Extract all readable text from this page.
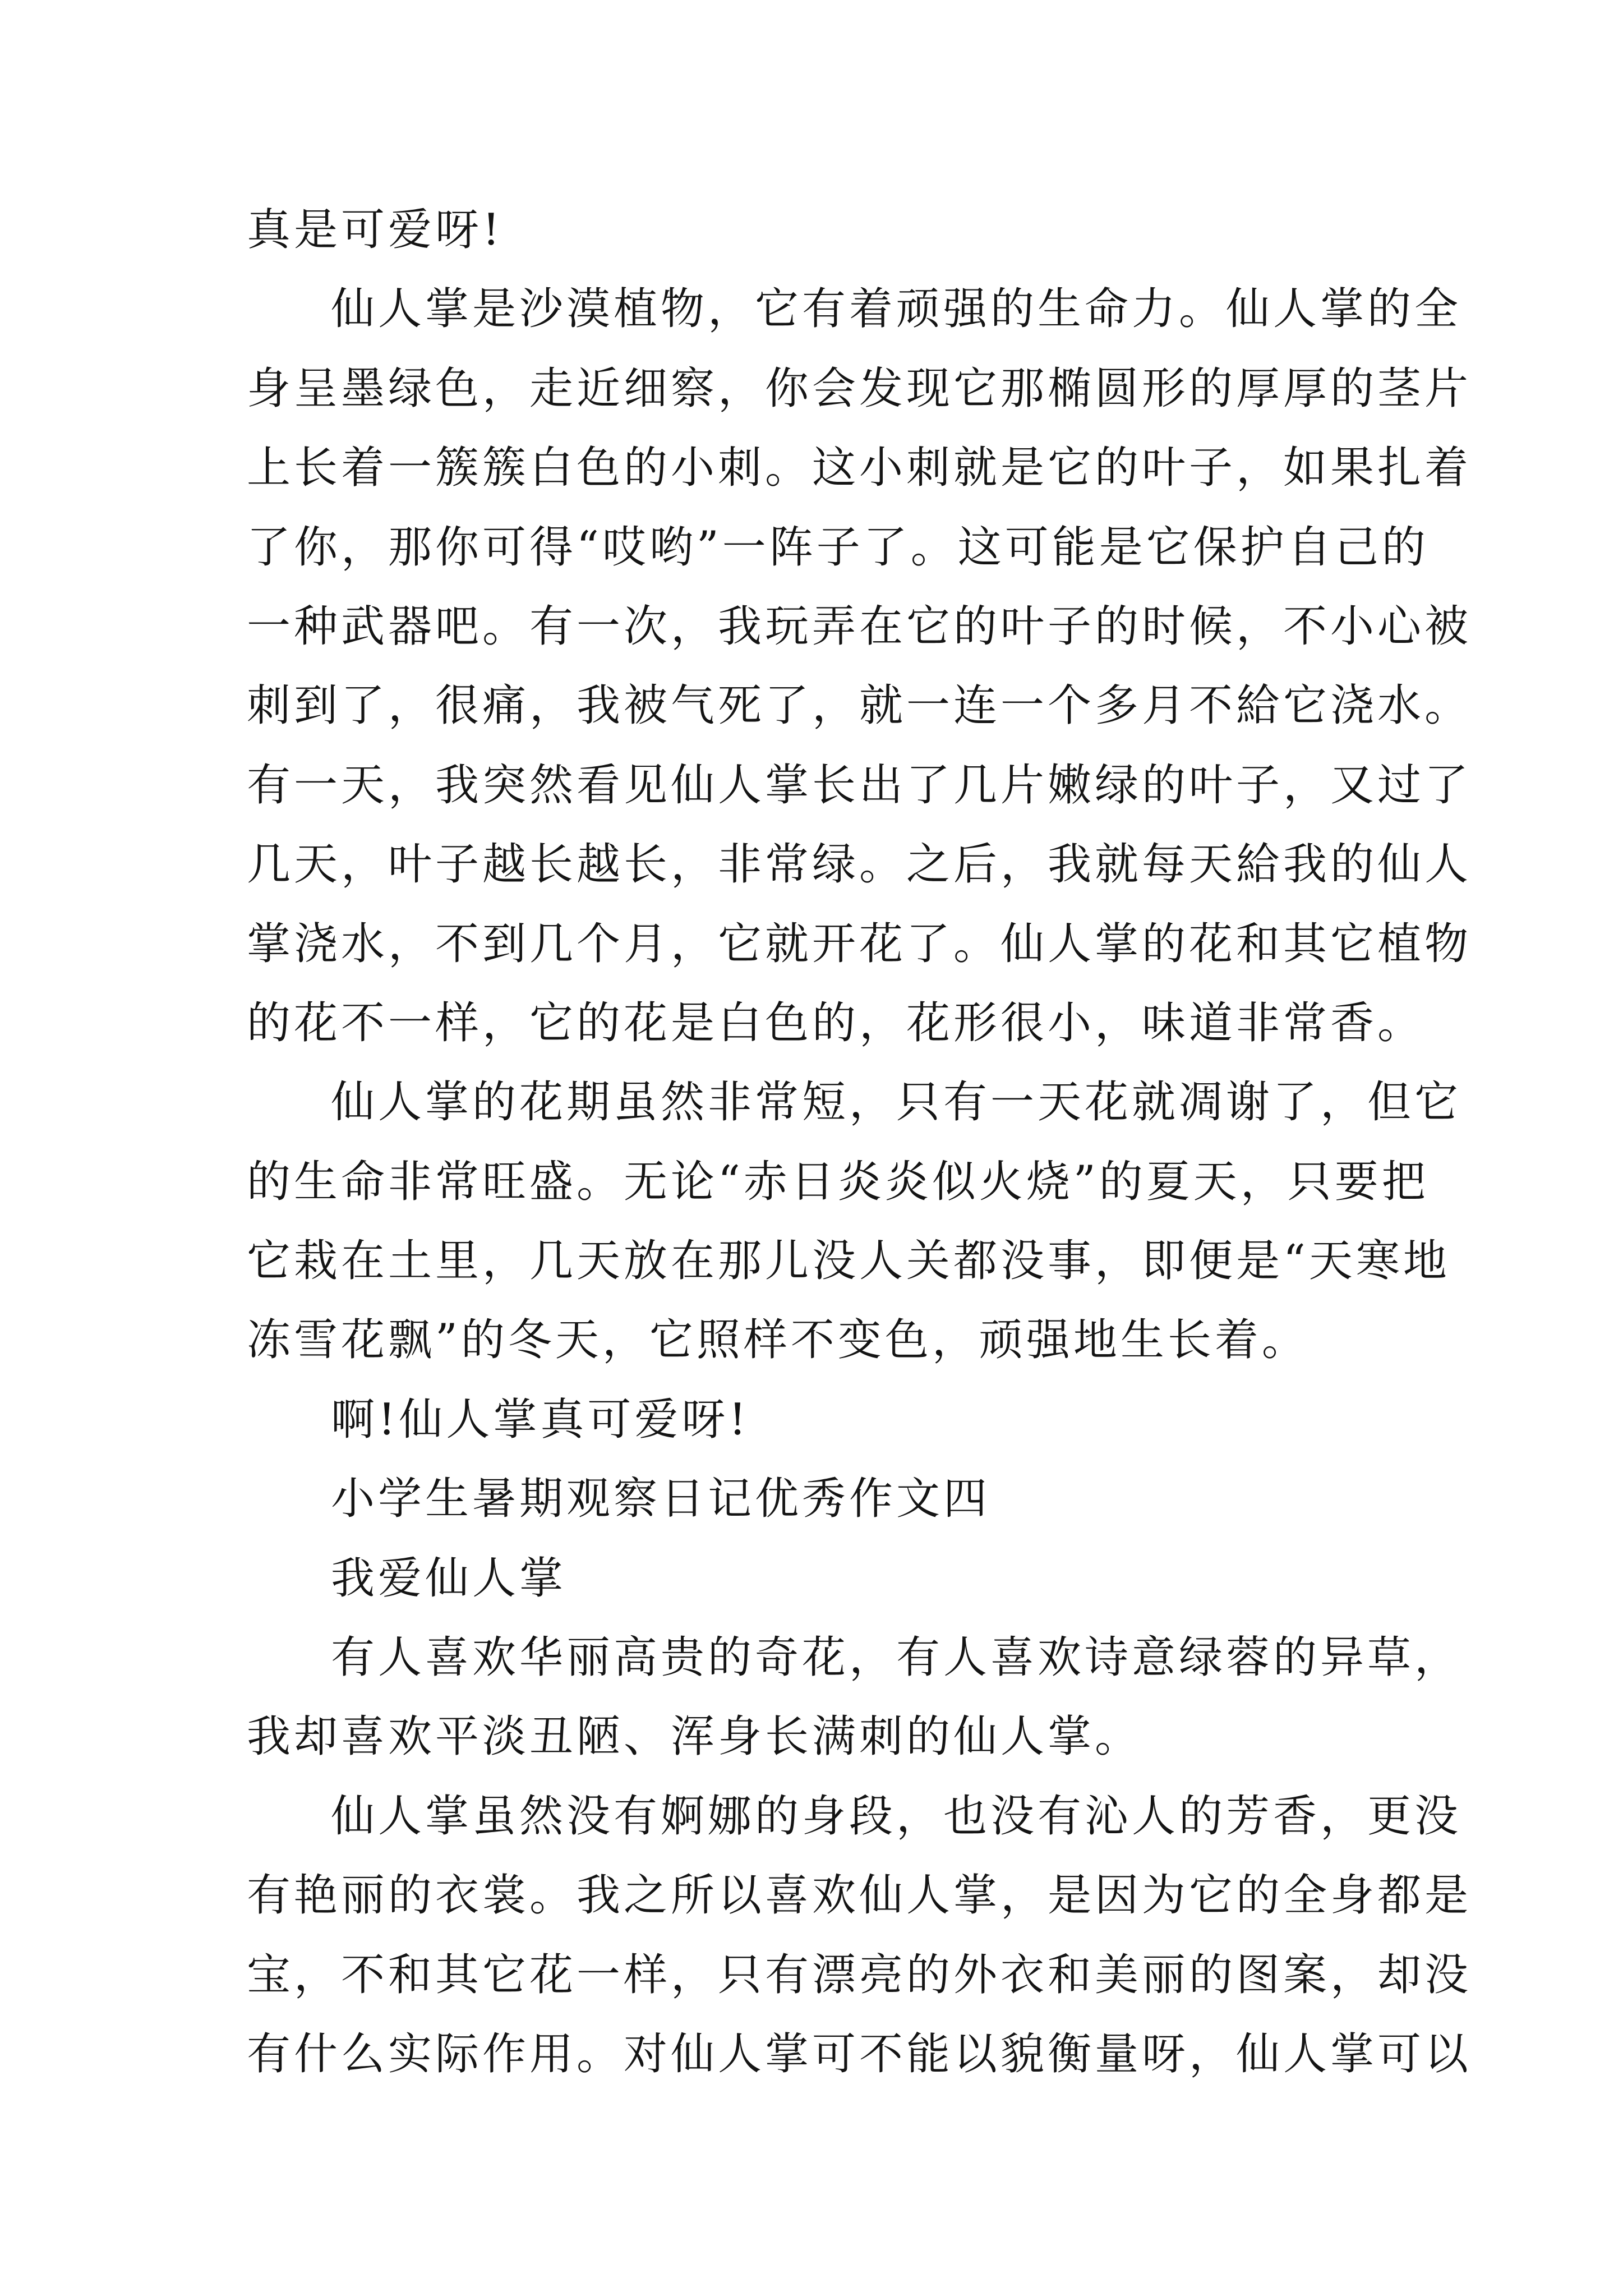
真是可爱呀!
仙人掌是沙漠植物，它有着顽强的生命力。仙人掌的全
身呈墨绿色，走近细察，你会发现它那椭圆形的厚厚的茎片
上长着一簇簇白色的小刺。这小刺就是它的叶子，如果扎着
了你，那你可得“哎哟”一阵子了。这可能是它保护自己的
一种武器吧。有一次，我玩弄在它的叶子的时候，不小心被
刺到了，很痛，我被气死了，就一连一个多月不給它浇水。
有一天，我突然看见仙人掌长出了几片嫩绿的叶子，又过了
几天，叶子越长越长，非常绿。之后，我就每天給我的仙人
掌浇水，不到几个月，它就开花了。仙人掌的花和其它植物
的花不一样，它的花是白色的，花形很小，味道非常香。
仙人掌的花期虽然非常短，只有一天花就凋谢了，但它
的生命非常旺盛。无论“赤日炎炎似火烧”的夏天，只要把
它栽在土里，几天放在那儿没人关都没事，即便是“天寒地
冻雪花飘”的冬天，它照样不变色，顽强地生长着。
啊!仙人掌真可爱呀!
小学生暑期观察日记优秀作文四
我爱仙人掌
有人喜欢华丽高贵的奇花，有人喜欢诗意绿蓉的异草，
我却喜欢平淡丑陋、浑身长满刺的仙人掌。
仙人掌虽然没有婀娜的身段，也没有沁人的芳香，更没
有艳丽的衣裳。我之所以喜欢仙人掌，是因为它的全身都是
宝，不和其它花一样，只有漂亮的外衣和美丽的图案，却没
有什么实际作用。对仙人掌可不能以貌衡量呀，仙人掌可以
